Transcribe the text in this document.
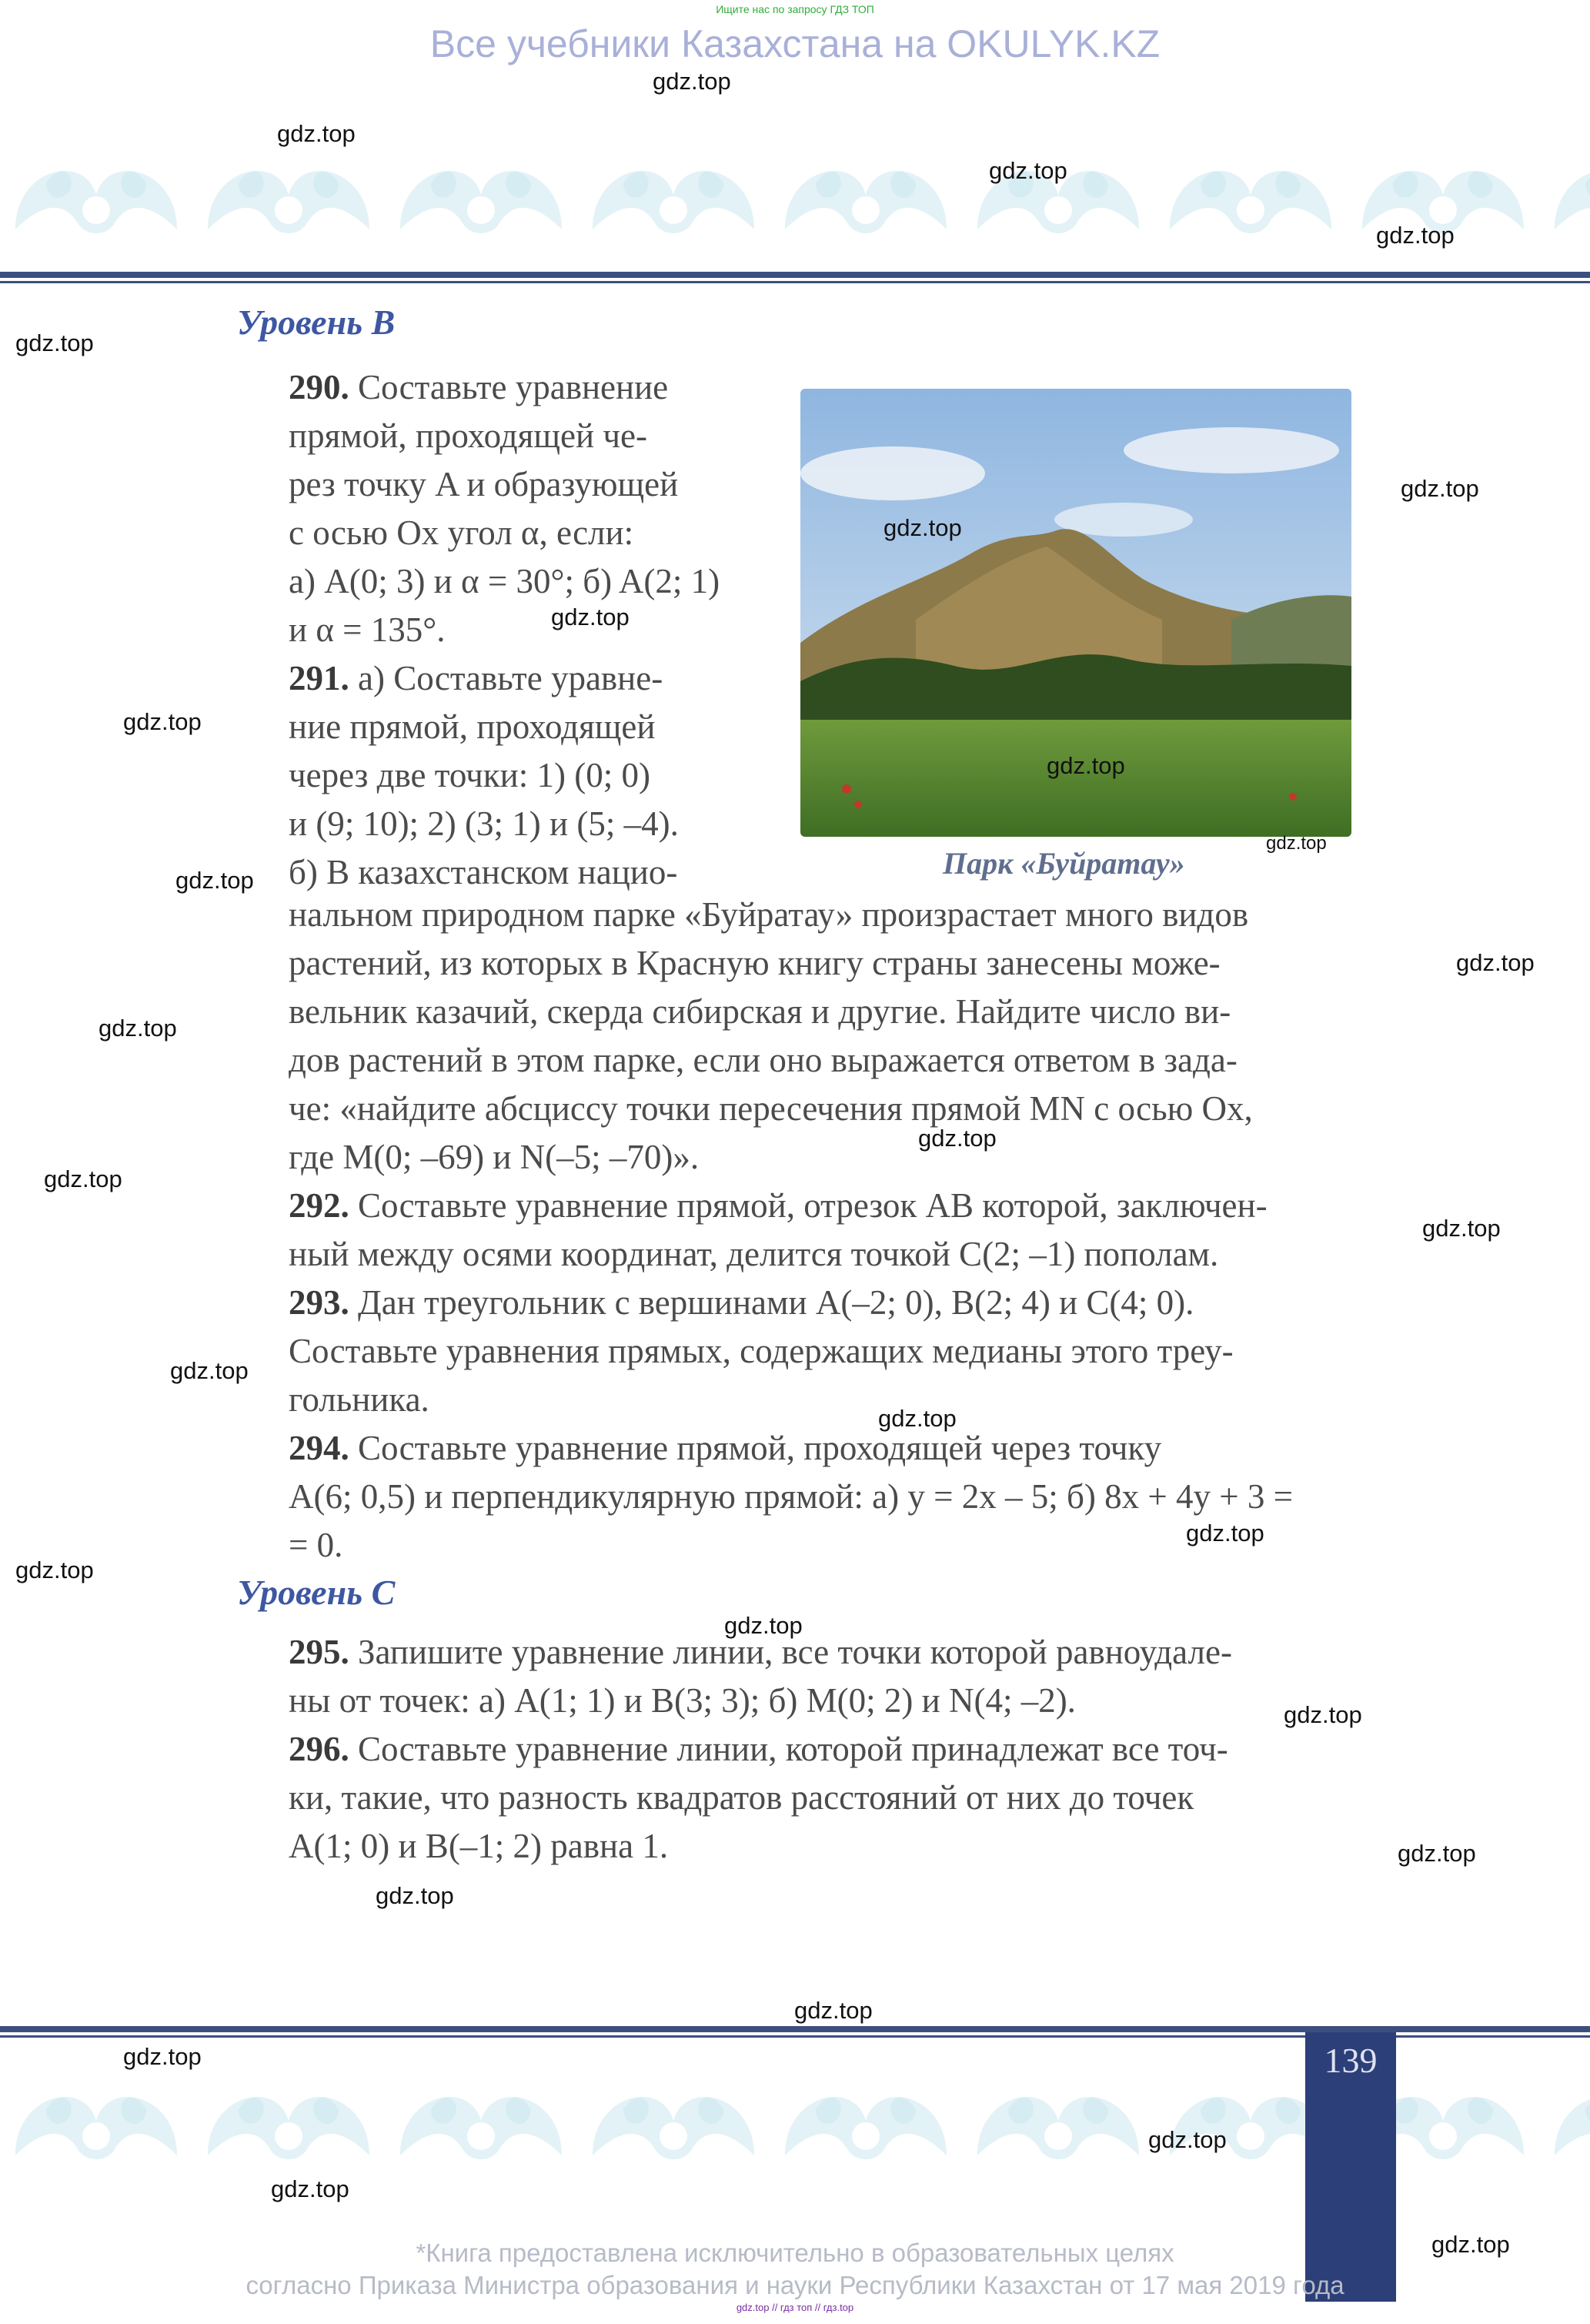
Ищите нас по запросу ГДЗ ТОП
Все учебники Казахстана на OKULYK.KZ
Уровень B
290. Составьте уравнение
прямой, проходящей че-
рез точку A и образующей
с осью Ox угол α, если:
а) A(0; 3) и α = 30°; б) A(2; 1)
и α = 135°.
291. а) Составьте уравне-
ние прямой, проходящей
через две точки: 1) (0; 0)
и (9; 10); 2) (3; 1) и (5; –4).
б) В казахстанском нацио-	Парк «Буйратау»
нальном природном парке «Буйратау» произрастает много видов
растений, из которых в Красную книгу страны занесены може-
вельник казачий, скерда сибирская и другие. Найдите число ви-
дов растений в этом парке, если оно выражается ответом в зада-
че: «найдите абсциссу точки пересечения прямой MN с осью Ox,
где M(0; –69) и N(–5; –70)».
292. Составьте уравнение прямой, отрезок AB которой, заключен-
ный между осями координат, делится точкой C(2; –1) пополам.
293. Дан треугольник с вершинами A(–2; 0), B(2; 4) и C(4; 0).
Составьте уравнения прямых, содержащих медианы этого треу-
гольника.
294. Составьте уравнение прямой, проходящей через точку
A(6; 0,5) и перпендикулярную прямой: а) y = 2x – 5; б) 8x + 4y + 3 =
= 0.
Уровень С
295. Запишите уравнение линии, все точки которой равноудале-
ны от точек: а) A(1; 1) и B(3; 3); б) M(0; 2) и N(4; –2).
296. Составьте уравнение линии, которой принадлежат все точ-
ки, такие, что разность квадратов расстояний от них до точек
A(1; 0) и B(–1; 2) равна 1.
139
*Книга предоставлена исключительно в образовательных целях
согласно Приказа Министра образования и науки Республики Казахстан от 17 мая 2019 года
gdz.top // гдз топ // гдз.top
gdz.top
gdz.top
gdz.top
gdz.top
gdz.top
gdz.top
gdz.top
gdz.top
gdz.top
gdz.top
gdz.top
gdz.top
gdz.top
gdz.top
gdz.top
gdz.top
gdz.top
gdz.top
gdz.top
gdz.top
gdz.top
gdz.top
gdz.top
gdz.top
gdz.top
gdz.top
gdz.top
gdz.top
gdz.top
gdz.top
